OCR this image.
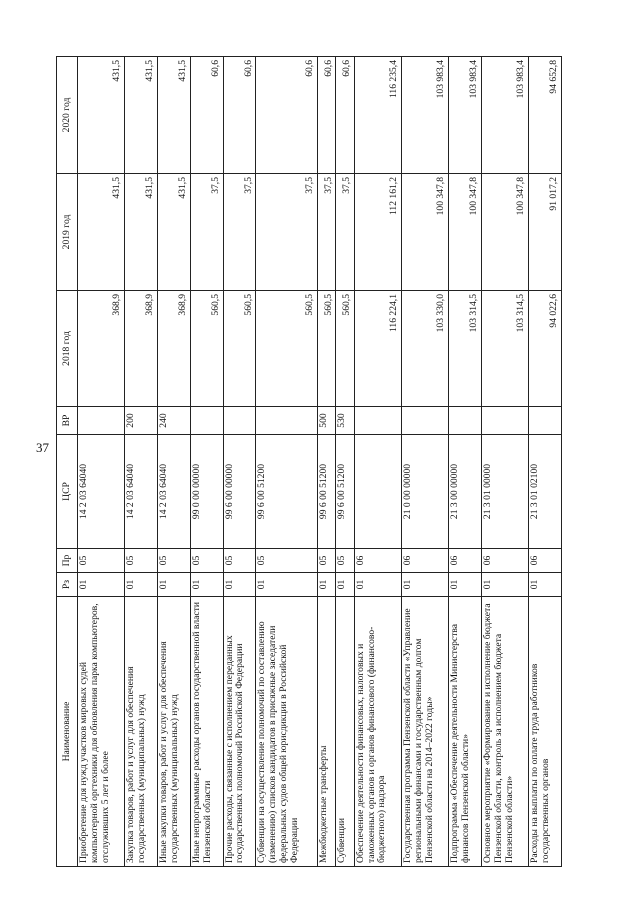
37
Наименование	Рз	Пр	ЦСР	ВР	2018 год	2019 год	2020 год
Приобретение для нужд участков мировых судей компьютерной оргтехники для обновления парка компьютеров, отслуживших 5 лет и более	01	05	14 2 03 64040		368,9	431,5	431,5
Закупка товаров, работ и услуг для обеспечения государственных (муниципальных) нужд	01	05	14 2 03 64040	200	368,9	431,5	431,5
Иные закупки товаров, работ и услуг для обеспечения государственных (муниципальных) нужд	01	05	14 2 03 64040	240	368,9	431,5	431,5
Иные непрограммные расходы органов государственной власти Пензенской области	01	05	99 0 00 00000		560,5	37,5	60,6
Прочие расходы, связанные с исполнением переданных государственных полномочий Российской Федерации	01	05	99 6 00 00000		560,5	37,5	60,6
Субвенции на осуществление полномочий по составлению (изменению) списков кандидатов в присяжные заседатели федеральных судов общей юрисдикции в Российской Федерации	01	05	99 6 00 51200		560,5	37,5	60,6
Межбюджетные трансферты	01	05	99 6 00 51200	500	560,5	37,5	60,6
Субвенции	01	05	99 6 00 51200	530	560,5	37,5	60,6
Обеспечение деятельности финансовых, налоговых и таможенных органов и органов финансового (финансово-бюджетного) надзора	01	06			116 224,1	112 161,2	116 235,4
Государственная программа Пензенской области «Управление региональными финансами и государственным долгом Пензенской области на 2014–2022 годы»	01	06	21 0 00 00000		103 330,0	100 347,8	103 983,4
Подпрограмма «Обеспечение деятельности Министерства финансов Пензенской области»	01	06	21 3 00 00000		103 314,5	100 347,8	103 983,4
Основное мероприятие «Формирование и исполнение бюджета Пензенской области, контроль за исполнением бюджета Пензенской области»	01	06	21 3 01 00000		103 314,5	100 347,8	103 983,4
Расходы на выплаты по оплате труда работников государственных органов	01	06	21 3 01 02100		94 022,6	91 017,2	94 652,8
